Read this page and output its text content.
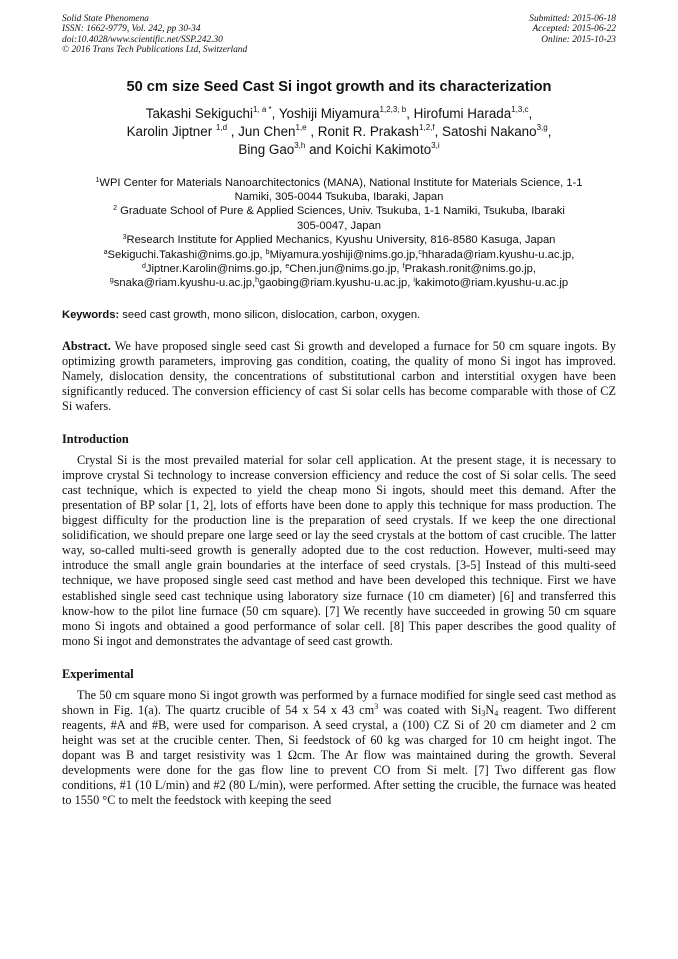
Solid State Phenomena
ISSN: 1662-9779, Vol. 242, pp 30-34
doi:10.4028/www.scientific.net/SSP.242.30
© 2016 Trans Tech Publications Ltd, Switzerland
Submitted: 2015-06-18
Accepted: 2015-06-22
Online: 2015-10-23
50 cm size Seed Cast Si ingot growth and its characterization
Takashi Sekiguchi$^{1, a *}$, Yoshiji Miyamura$^{1,2,3, b}$, Hirofumi Harada$^{1,3,c}$,
Karolin Jiptner $^{1,d}$ , Jun Chen$^{1,e}$ , Ronit R. Prakash$^{1,2,f}$, Satoshi Nakano$^{3,g}$,
Bing Gao$^{3,h}$ and Koichi Kakimoto$^{3,i}$
$^1$WPI Center for Materials Nanoarchitectonics (MANA), National Institute for Materials Science, 1-1
Namiki, 305-0044 Tsukuba, Ibaraki, Japan
$^2$ Graduate School of Pure & Applied Sciences, Univ. Tsukuba, 1-1 Namiki, Tsukuba, Ibaraki
305-0047, Japan
$^3$Research Institute for Applied Mechanics, Kyushu University, 816-8580 Kasuga, Japan
$^a$Sekiguchi.Takashi@nims.go.jp, $^b$Miyamura.yoshiji@nims.go.jp,$^c$hharada@riam.kyushu-u.ac.jp,
$^d$Jiptner.Karolin@nims.go.jp, $^e$Chen.jun@nims.go.jp, $^f$Prakash.ronit@nims.go.jp,
$^g$snaka@riam.kyushu-u.ac.jp,$^h$gaobing@riam.kyushu-u.ac.jp, $^i$kakimoto@riam.kyushu-u.ac.jp
Keywords: seed cast growth, mono silicon, dislocation, carbon, oxygen.

Abstract. We have proposed single seed cast Si growth and developed a furnace for 50 cm square ingots. By optimizing growth parameters, improving gas condition, coating, the quality of mono Si ingot has improved. Namely, dislocation density, the concentrations of substitutional carbon and interstitial oxygen have been significantly reduced. The conversion efficiency of cast Si solar cells has become comparable with those of CZ Si wafers.

Introduction

Crystal Si is the most prevailed material for solar cell application. At the present stage, it is necessary to improve crystal Si technology to increase conversion efficiency and reduce the cost of Si solar cells. The seed cast technique, which is expected to yield the cheap mono Si ingots, should meet this demand. After the presentation of BP solar [1, 2], lots of efforts have been done to apply this technique for mass production. The biggest difficulty for the production line is the preparation of seed crystals. If we keep the one directional solidification, we should prepare one large seed or lay the seed crystals at the bottom of cast crucible. The latter way, so-called multi-seed growth is generally adopted due to the cost reduction. However, multi-seed may introduce the small angle grain boundaries at the interface of seed crystals. [3-5] Instead of this multi-seed technique, we have proposed single seed cast method and have been developed this technique. First we have established single seed cast technique using laboratory size furnace (10 cm diameter) [6] and transferred this know-how to the pilot line furnace (50 cm square). [7] We recently have succeeded in growing 50 cm square mono Si ingots and obtained a good performance of solar cell. [8] This paper describes the good quality of mono Si ingot and demonstrates the advantage of seed cast growth.

Experimental

The 50 cm square mono Si ingot growth was performed by a furnace modified for single seed cast method as shown in Fig. 1(a). The quartz crucible of 54 x 54 x 43 $cm^3$ was coated with $Si_3N_4$ reagent. Two different reagents, #A and #B, were used for comparison. A seed crystal, a (100) CZ Si of 20 cm diameter and 2 cm height was set at the crucible center. Then, Si feedstock of 60 kg was charged for 10 cm height ingot. The dopant was B and target resistivity was 1 Ωcm. The Ar flow was maintained during the growth. Several developments were done for the gas flow line to prevent CO from Si melt. [7] Two different gas flow conditions, #1 (10 L/min) and #2 (80 L/min), were performed. After setting the crucible, the furnace was heated to 1550 °C to melt the feedstock with keeping the seed
